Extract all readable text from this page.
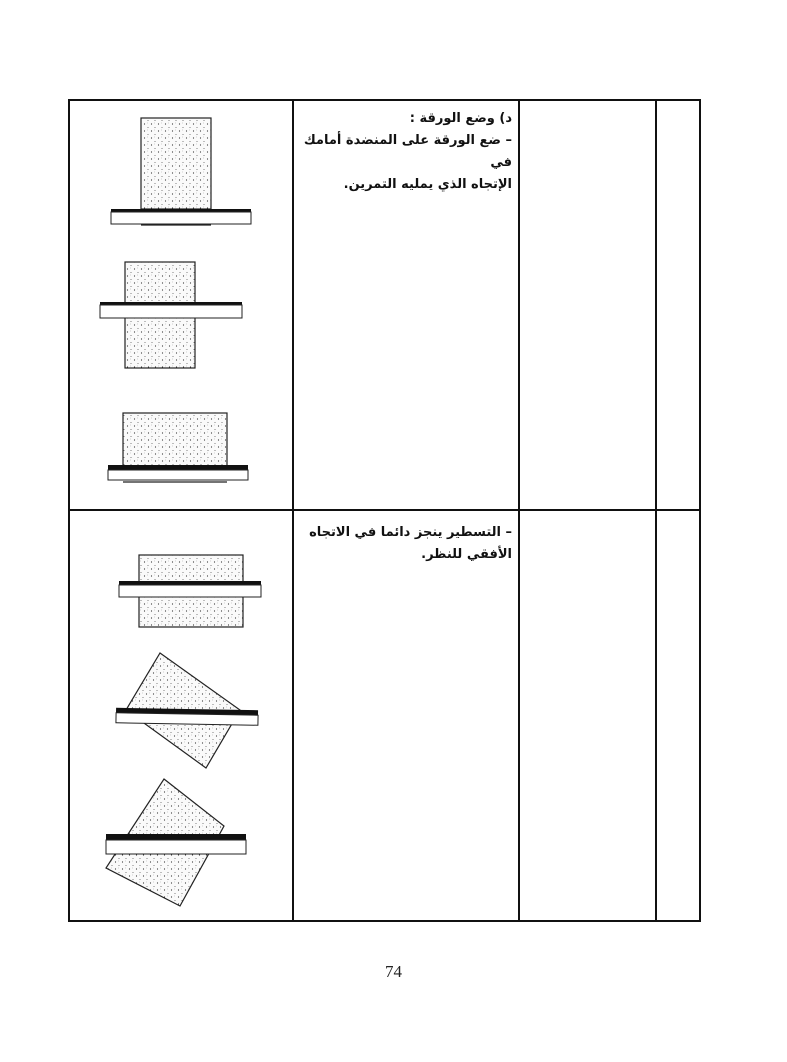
د) وضع الورقة :
– ضع الورقة على المنضدة أمامك في
الإتجاه الذي يمليه التمرين.
– التسطير ينجز دائما في الاتجاه
الأفقي للنظر.
74
